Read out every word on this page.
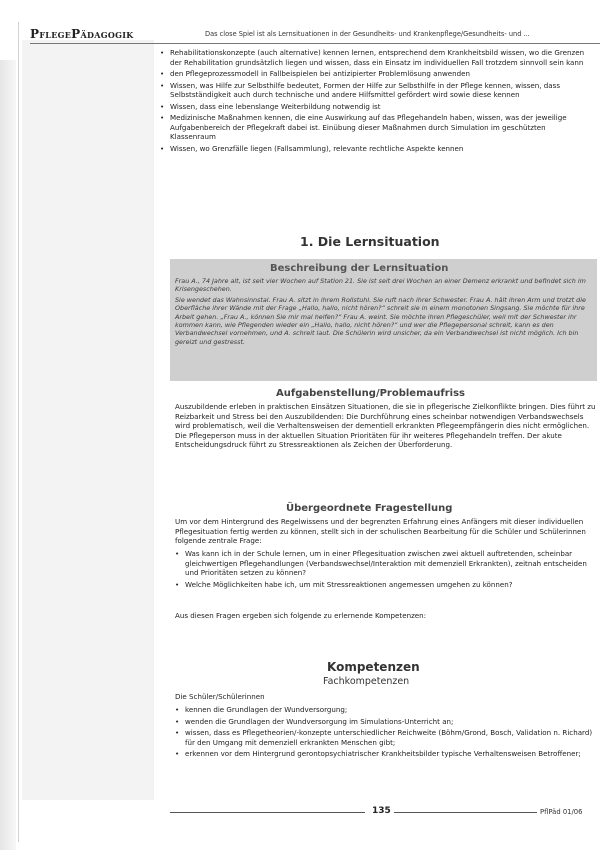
PflegePädagogik	Das close Spiel ist als Lernsituationen in der Gesundheits- und Krankenpflege/Gesundheits- und ...
• Rehabilitationskonzepte (auch alternative) kennen lernen, entsprechend dem Krankheitsbild wissen, wo die Grenzen der Rehabilitation grundsätzlich liegen und wissen, dass ein Einsatz im individuellen Fall trotzdem sinnvoll sein kann
• den Pflegeprozessmodell in Fallbeispielen bei antizipierter Problemlösung anwenden
• Wissen, was Hilfe zur Selbsthilfe bedeutet, Formen der Hilfe zur Selbsthilfe in der Pflege kennen, wissen, dass Selbstständigkeit auch durch technische und andere Hilfsmittel gefördert wird sowie diese kennen
• Wissen, dass eine lebenslange Weiterbildung notwendig ist
• Medizinische Maßnahmen kennen, die eine Auswirkung auf das Pflegehandeln haben, wissen, was der jeweilige Aufgabenbereich der Pflegekraft dabei ist. Einübung dieser Maßnahmen durch Simulation im geschützten Klassenraum
• Wissen, wo Grenzfälle liegen (Fallsammlung), relevante rechtliche Aspekte kennen
1. Die Lernsituation
Beschreibung der Lernsituation

Frau A., 74 Jahre alt, ist seit vier Wochen auf Station 21. Sie ist seit drei Wochen an einer Demenz erkrankt und befindet sich im Krisengeschehen.

Sie wendet das Wahnsinnstal. Frau A. sitzt in ihrem Rollstuhl. Sie ruft nach ihrer Schwester. Frau A. hält ihren Arm und trotzt die Oberfläche ihrer Wände mit der Frage „Hallo, hallo, nicht hören?“ schreit sie in einem monotonen Singsang. Sie möchte für ihre Arbeit gehen. „Frau A., können Sie mir mal helfen?“ Frau A. weint. Sie möchte ihren Pflegeschüler, weil mit der Schwester ihr kommen kann, wie Pflegenden wieder ein „Hallo, hallo, nicht hören?“ und wer die Pflegepersonal schreit, kann es den Verbandwechsel vornehmen, und A. schreit laut. Die Schülerin wird unsicher, da ein Verbandwechsel ist nicht möglich. Ich bin gereizt und gestresst.

Aufgabenstellung/Problemaufriss

Auszubildende erleben in praktischen Einsätzen Situationen, die sie in pflegerische Zielkonflikte bringen. Dies führt zu Reizbarkeit und Stress bei den Auszubildenden: Die Durchführung eines scheinbar notwendigen Verbandswechsels wird problematisch, weil die Verhaltensweisen der dementiell erkrankten Pflegeempfängerin dies nicht ermöglichen. Die Pflegeperson muss in der aktuellen Situation Prioritäten für ihr weiteres Pflegehandeln treffen. Der akute Entscheidungsdruck führt zu Stressreaktionen als Zeichen der Überforderung.

Übergeordnete Fragestellung

Um vor dem Hintergrund des Regelwissens und der begrenzten Erfahrung eines Anfängers mit dieser individuellen Pflegesituation fertig werden zu können, stellt sich in der schulischen Bearbeitung für die Schüler und Schülerinnen folgende zentrale Frage:

• Was kann ich in der Schule lernen, um in einer Pflegesituation zwischen zwei aktuell auftretenden, scheinbar gleichwertigen Pflegehandlungen (Verbandswechsel/Interaktion mit demenziell Erkrankten), zeitnah entscheiden und Prioritäten setzen zu können?
• Welche Möglichkeiten habe ich, um mit Stressreaktionen angemessen umgehen zu können?

Aus diesen Fragen ergeben sich folgende zu erlernende Kompetenzen:

Kompetenzen
Fachkompetenzen

Die Schüler/Schülerinnen

• kennen die Grundlagen der Wundversorgung;
• wenden die Grundlagen der Wundversorgung im Simulations-Unterricht an;
• wissen, dass es Pflegetheorien/-konzepte unterschiedlicher Reichweite (Böhm/Grond, Bosch, Validation n. Richard) für den Umgang mit demenziell erkrankten Menschen gibt;
• erkennen vor dem Hintergrund gerontopsychiatrischer Krankheitsbilder typische Verhaltensweisen Betroffener;
135	PflPäd 01/06
